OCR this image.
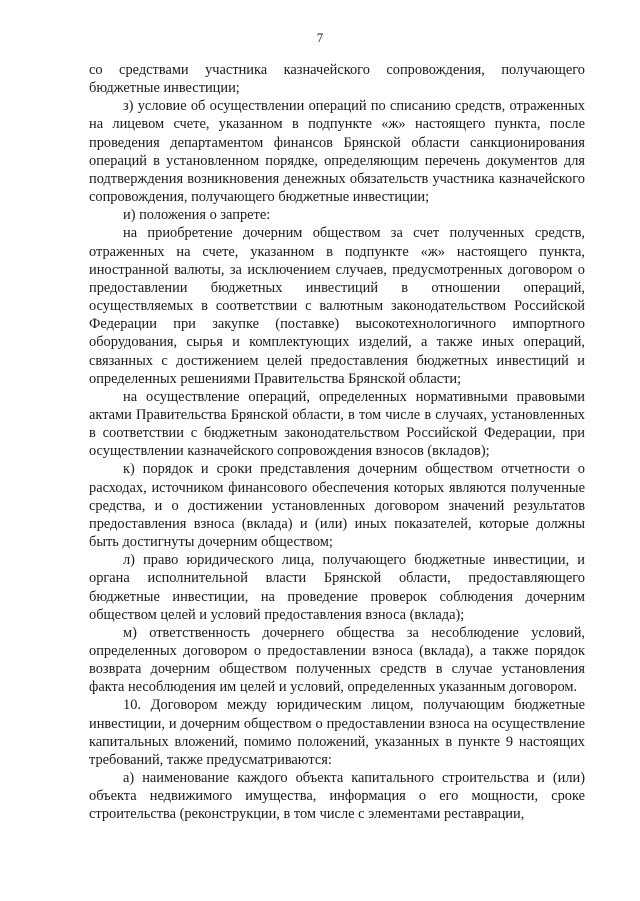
7

со средствами участника казначейского сопровождения, получающего бюджетные инвестиции;

з) условие об осуществлении операций по списанию средств, отраженных на лицевом счете, указанном в подпункте «ж» настоящего пункта, после проведения департаментом финансов Брянской области санкционирования операций в установленном порядке, определяющим перечень документов для подтверждения возникновения денежных обязательств участника казначейского сопровождения, получающего бюджетные инвестиции;

и) положения о запрете:

на приобретение дочерним обществом за счет полученных средств, отраженных на счете, указанном в подпункте «ж» настоящего пункта, иностранной валюты, за исключением случаев, предусмотренных договором о предоставлении бюджетных инвестиций в отношении операций, осуществляемых в соответствии с валютным законодательством Российской Федерации при закупке (поставке) высокотехнологичного импортного оборудования, сырья и комплектующих изделий, а также иных операций, связанных с достижением целей предоставления бюджетных инвестиций и определенных решениями Правительства Брянской области;

на осуществление операций, определенных нормативными правовыми актами Правительства Брянской области, в том числе в случаях, установленных в соответствии с бюджетным законодательством Российской Федерации, при осуществлении казначейского сопровождения взносов (вкладов);

к) порядок и сроки представления дочерним обществом отчетности о расходах, источником финансового обеспечения которых являются полученные средства, и о достижении установленных договором значений результатов предоставления взноса (вклада) и (или) иных показателей, которые должны быть достигнуты дочерним обществом;

л) право юридического лица, получающего бюджетные инвестиции, и органа исполнительной власти Брянской области, предоставляющего бюджетные инвестиции, на проведение проверок соблюдения дочерним обществом целей и условий предоставления взноса (вклада);

м) ответственность дочернего общества за несоблюдение условий, определенных договором о предоставлении взноса (вклада), а также порядок возврата дочерним обществом полученных средств в случае установления факта несоблюдения им целей и условий, определенных указанным договором.

10. Договором между юридическим лицом, получающим бюджетные инвестиции, и дочерним обществом о предоставлении взноса на осуществление капитальных вложений, помимо положений, указанных в пункте 9 настоящих требований, также предусматриваются:

а) наименование каждого объекта капитального строительства и (или) объекта недвижимого имущества, информация о его мощности, сроке строительства (реконструкции, в том числе с элементами реставрации,
